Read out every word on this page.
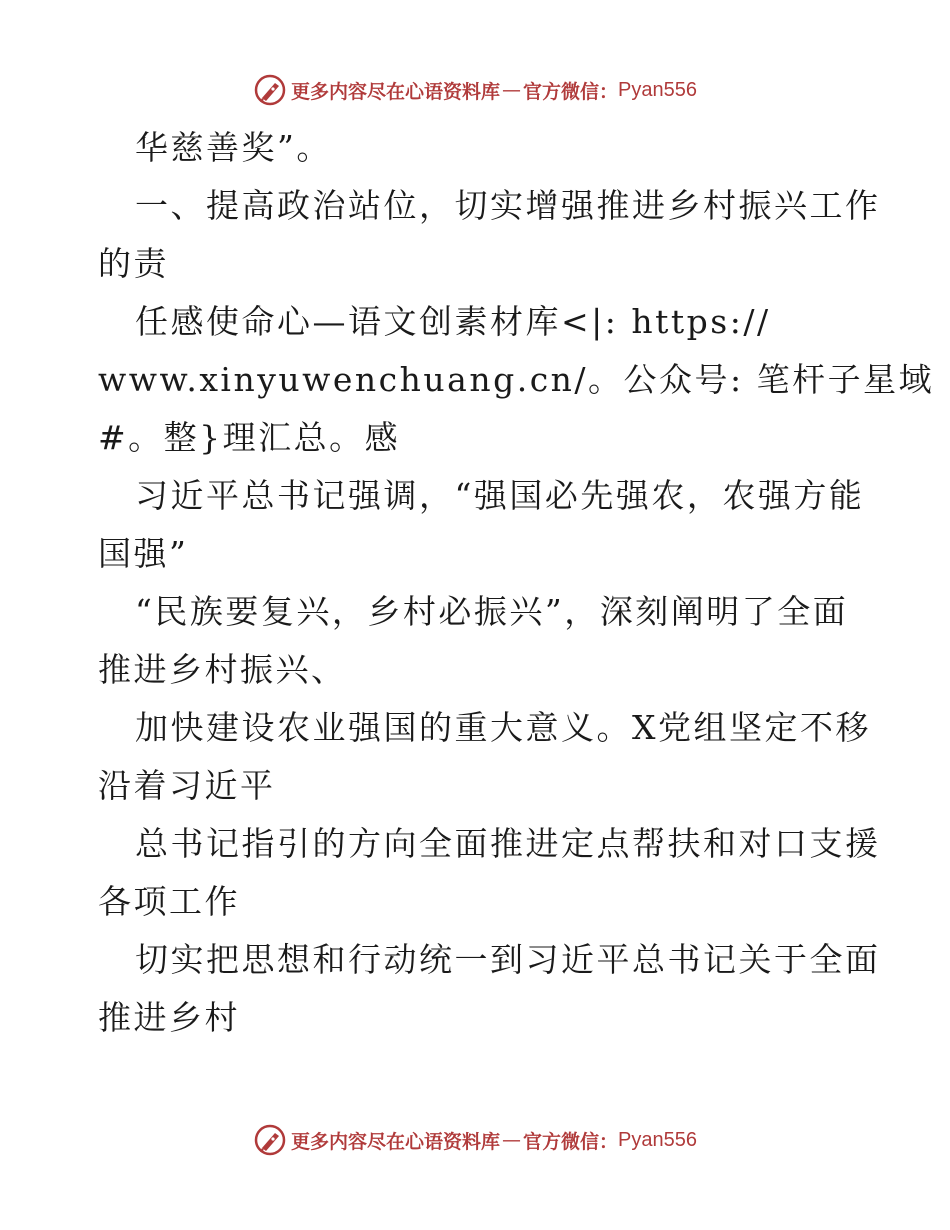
更多内容尽在心语资料库 — 官方微信： Pyan556
华慈善奖”。
一、提高政治站位，切实增强推进乡村振兴工作
的责
任感使命心—语文创素材库<|: https://
www.xinyuwenchuang.cn/。公众号: 笔杆子星域
#。整}理汇总。感
习近平总书记强调，“强国必先强农，农强方能
国强”
“民族要复兴，乡村必振兴”，深刻阐明了全面
推进乡村振兴、
加快建设农业强国的重大意义。X党组坚定不移
沿着习近平
总书记指引的方向全面推进定点帮扶和对口支援
各项工作
切实把思想和行动统一到习近平总书记关于全面
推进乡村
更多内容尽在心语资料库 — 官方微信： Pyan556
